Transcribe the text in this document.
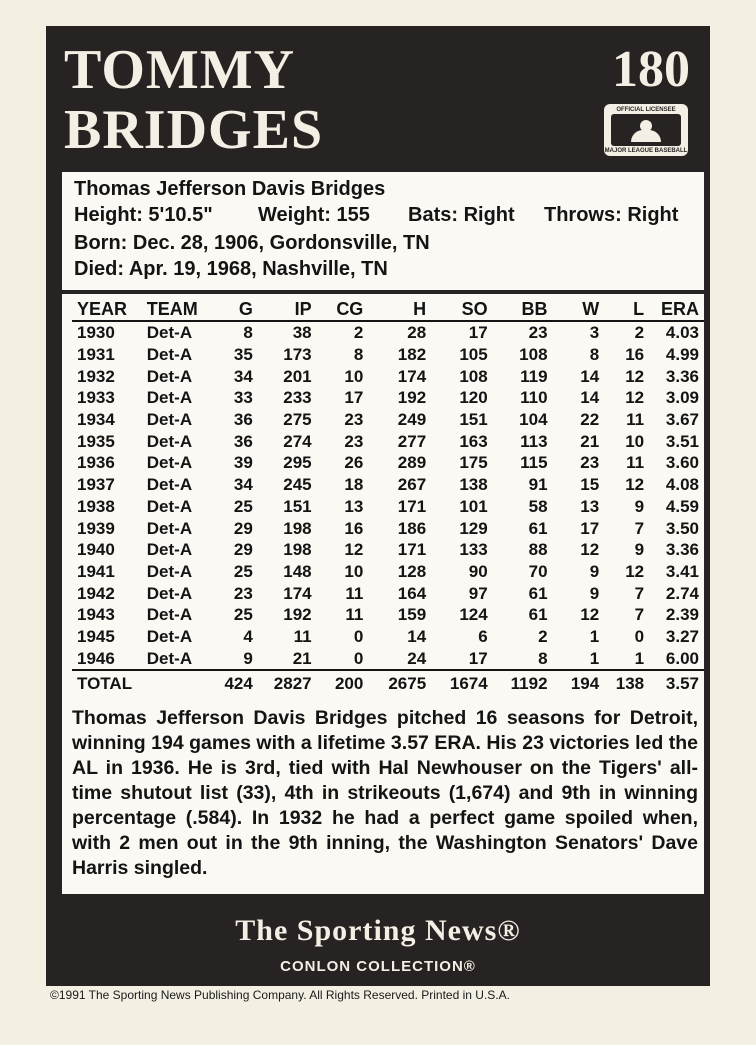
TOMMY
BRIDGES
180
OFFICIAL LICENSEE
MAJOR LEAGUE BASEBALL
Thomas Jefferson Davis Bridges
Height: 5'10.5" Weight: 155 Bats: Right Throws: Right
Born: Dec. 28, 1906, Gordonsville, TN
Died: Apr. 19, 1968, Nashville, TN
YEAR	TEAM	G	IP	CG	H	SO	BB	W	L	ERA
1930	Det-A	8	38	2	28	17	23	3	2	4.03
1931	Det-A	35	173	8	182	105	108	8	16	4.99
1932	Det-A	34	201	10	174	108	119	14	12	3.36
1933	Det-A	33	233	17	192	120	110	14	12	3.09
1934	Det-A	36	275	23	249	151	104	22	11	3.67
1935	Det-A	36	274	23	277	163	113	21	10	3.51
1936	Det-A	39	295	26	289	175	115	23	11	3.60
1937	Det-A	34	245	18	267	138	91	15	12	4.08
1938	Det-A	25	151	13	171	101	58	13	9	4.59
1939	Det-A	29	198	16	186	129	61	17	7	3.50
1940	Det-A	29	198	12	171	133	88	12	9	3.36
1941	Det-A	25	148	10	128	90	70	9	12	3.41
1942	Det-A	23	174	11	164	97	61	9	7	2.74
1943	Det-A	25	192	11	159	124	61	12	7	2.39
1945	Det-A	4	11	0	14	6	2	1	0	3.27
1946	Det-A	9	21	0	24	17	8	1	1	6.00
TOTAL		424	2827	200	2675	1674	1192	194	138	3.57
Thomas Jefferson Davis Bridges pitched 16 seasons for Detroit, winning 194 games with a lifetime 3.57 ERA. His 23 victories led the AL in 1936. He is 3rd, tied with Hal Newhouser on the Tigers' all-time shutout list (33), 4th in strikeouts (1,674) and 9th in winning percentage (.584). In 1932 he had a perfect game spoiled when, with 2 men out in the 9th inning, the Washington Senators' Dave Harris singled.
The Sporting News®
CONLON COLLECTION®
©1991 The Sporting News Publishing Company. All Rights Reserved. Printed in U.S.A.
